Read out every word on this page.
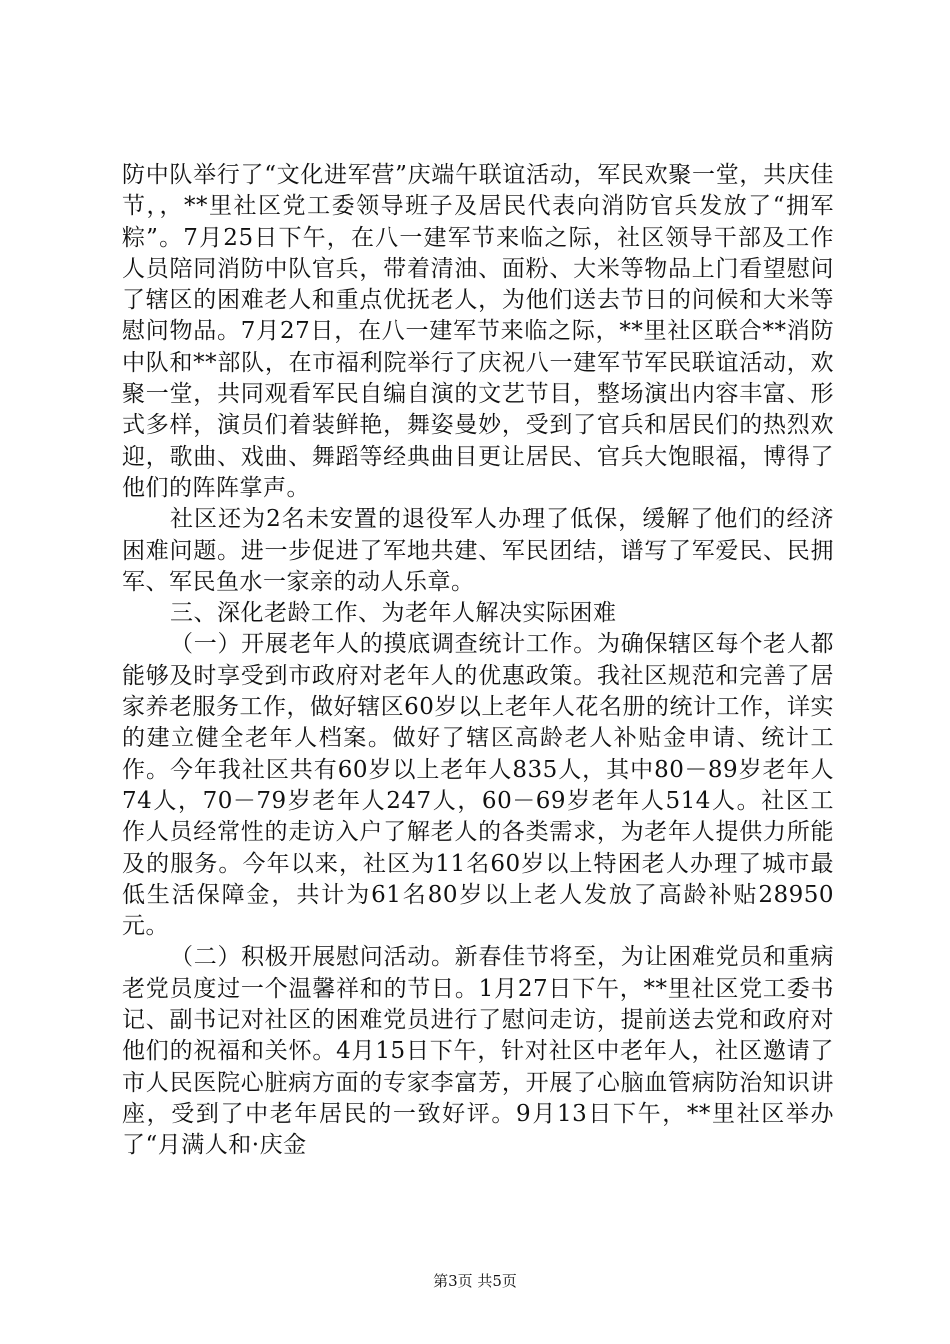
防中队举行了“文化进军营”庆端午联谊活动，军民欢聚一堂，共庆佳节，，**里社区党工委领导班子及居民代表向消防官兵发放了“拥军粽”。7月25日下午，在八一建军节来临之际，社区领导干部及工作人员陪同消防中队官兵，带着清油、面粉、大米等物品上门看望慰问了辖区的困难老人和重点优抚老人，为他们送去节日的问候和大米等慰问物品。7月27日，在八一建军节来临之际，**里社区联合**消防中队和**部队，在市福利院举行了庆祝八一建军节军民联谊活动，欢聚一堂，共同观看军民自编自演的文艺节目，整场演出内容丰富、形式多样，演员们着装鲜艳，舞姿曼妙，受到了官兵和居民们的热烈欢迎，歌曲、戏曲、舞蹈等经典曲目更让居民、官兵大饱眼福，博得了他们的阵阵掌声。

社区还为2名未安置的退役军人办理了低保，缓解了他们的经济困难问题。进一步促进了军地共建、军民团结，谱写了军爱民、民拥军、军民鱼水一家亲的动人乐章。

三、深化老龄工作、为老年人解决实际困难

（一）开展老年人的摸底调查统计工作。为确保辖区每个老人都能够及时享受到市政府对老年人的优惠政策。我社区规范和完善了居家养老服务工作，做好辖区60岁以上老年人花名册的统计工作，详实的建立健全老年人档案。做好了辖区高龄老人补贴金申请、统计工作。今年我社区共有60岁以上老年人835人，其中80－89岁老年人74人，70－79岁老年人247人，60－69岁老年人514人。社区工作人员经常性的走访入户了解老人的各类需求，为老年人提供力所能及的服务。今年以来，社区为11名60岁以上特困老人办理了城市最低生活保障金，共计为61名80岁以上老人发放了高龄补贴28950元。

（二）积极开展慰问活动。新春佳节将至，为让困难党员和重病老党员度过一个温馨祥和的节日。1月27日下午，**里社区党工委书记、副书记对社区的困难党员进行了慰问走访，提前送去党和政府对他们的祝福和关怀。4月15日下午，针对社区中老年人，社区邀请了市人民医院心脏病方面的专家李富芳，开展了心脑血管病防治知识讲座，受到了中老年居民的一致好评。9月13日下午，**里社区举办了“月满人和·庆金

第3页 共5页
